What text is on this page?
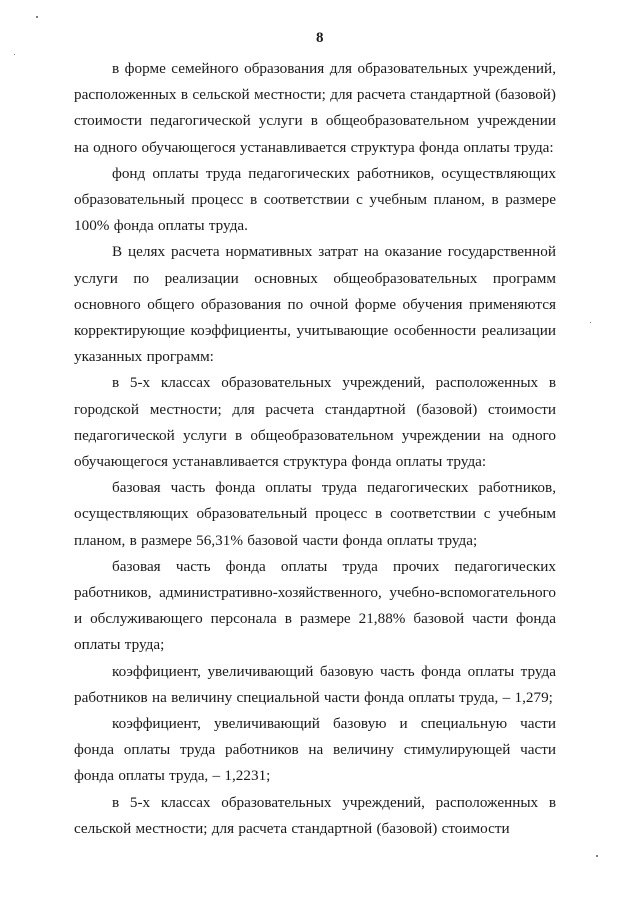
8

в форме семейного образования для образовательных учреждений, расположенных в сельской местности; для расчета стандартной (базовой) стоимости педагогической услуги в общеобразовательном учреждении на одного обучающегося устанавливается структура фонда оплаты труда:

фонд оплаты труда педагогических работников, осуществляющих образовательный процесс в соответствии с учебным планом, в размере 100% фонда оплаты труда.

В целях расчета нормативных затрат на оказание государственной услуги по реализации основных общеобразовательных программ основного общего образования по очной форме обучения применяются корректирующие коэффициенты, учитывающие особенности реализации указанных программ:

в 5-х классах образовательных учреждений, расположенных в городской местности; для расчета стандартной (базовой) стоимости педагогической услуги в общеобразовательном учреждении на одного обучающегося устанавливается структура фонда оплаты труда:

базовая часть фонда оплаты труда педагогических работников, осуществляющих образовательный процесс в соответствии с учебным планом, в размере 56,31% базовой части фонда оплаты труда;

базовая часть фонда оплаты труда прочих педагогических работников, административно-хозяйственного, учебно-вспомогательного и обслуживающего персонала в размере 21,88% базовой части фонда оплаты труда;

коэффициент, увеличивающий базовую часть фонда оплаты труда работников на величину специальной части фонда оплаты труда, – 1,279;

коэффициент, увеличивающий базовую и специальную части фонда оплаты труда работников на величину стимулирующей части фонда оплаты труда, – 1,2231;

в 5-х классах образовательных учреждений, расположенных в сельской местности; для расчета стандартной (базовой) стоимости
